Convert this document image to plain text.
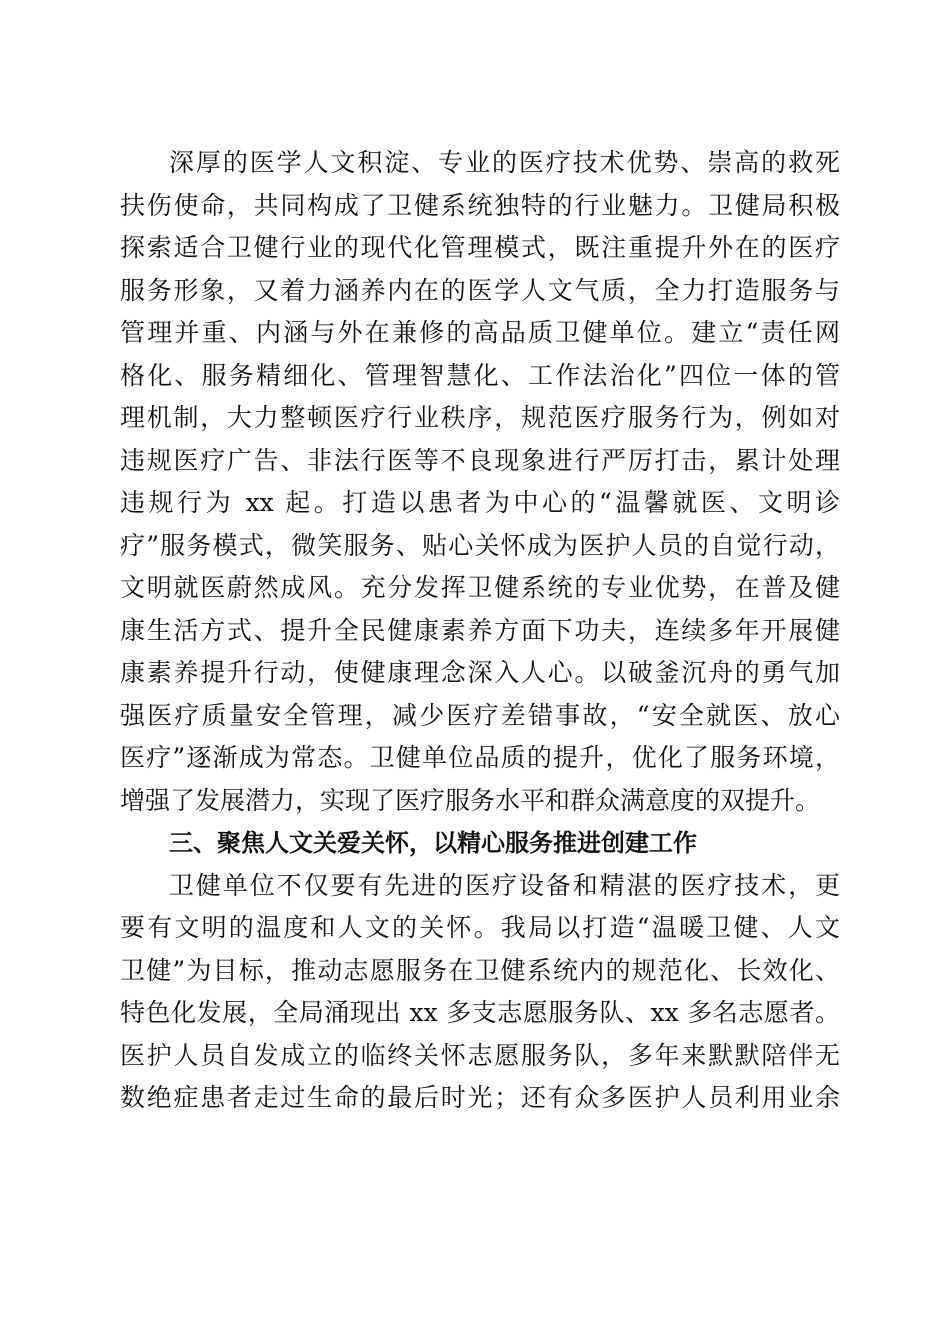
深厚的医学人文积淀、专业的医疗技术优势、崇高的救死
扶伤使命，共同构成了卫健系统独特的行业魅力。卫健局积极
探索适合卫健行业的现代化管理模式，既注重提升外在的医疗
服务形象，又着力涵养内在的医学人文气质，全力打造服务与
管理并重、内涵与外在兼修的高品质卫健单位。建立“责任网
格化、服务精细化、管理智慧化、工作法治化”四位一体的管
理机制，大力整顿医疗行业秩序，规范医疗服务行为，例如对
违规医疗广告、非法行医等不良现象进行严厉打击，累计处理
违规行为 xx 起。打造以患者为中心的“温馨就医、文明诊
疗”服务模式，微笑服务、贴心关怀成为医护人员的自觉行动，
文明就医蔚然成风。充分发挥卫健系统的专业优势，在普及健
康生活方式、提升全民健康素养方面下功夫，连续多年开展健
康素养提升行动，使健康理念深入人心。以破釜沉舟的勇气加
强医疗质量安全管理，减少医疗差错事故，“安全就医、放心
医疗”逐渐成为常态。卫健单位品质的提升，优化了服务环境，
增强了发展潜力，实现了医疗服务水平和群众满意度的双提升。
三、聚焦人文关爱关怀，以精心服务推进创建工作
卫健单位不仅要有先进的医疗设备和精湛的医疗技术，更
要有文明的温度和人文的关怀。我局以打造“温暖卫健、人文
卫健”为目标，推动志愿服务在卫健系统内的规范化、长效化、
特色化发展，全局涌现出 xx 多支志愿服务队、xx 多名志愿者。
医护人员自发成立的临终关怀志愿服务队，多年来默默陪伴无
数绝症患者走过生命的最后时光；还有众多医护人员利用业余
